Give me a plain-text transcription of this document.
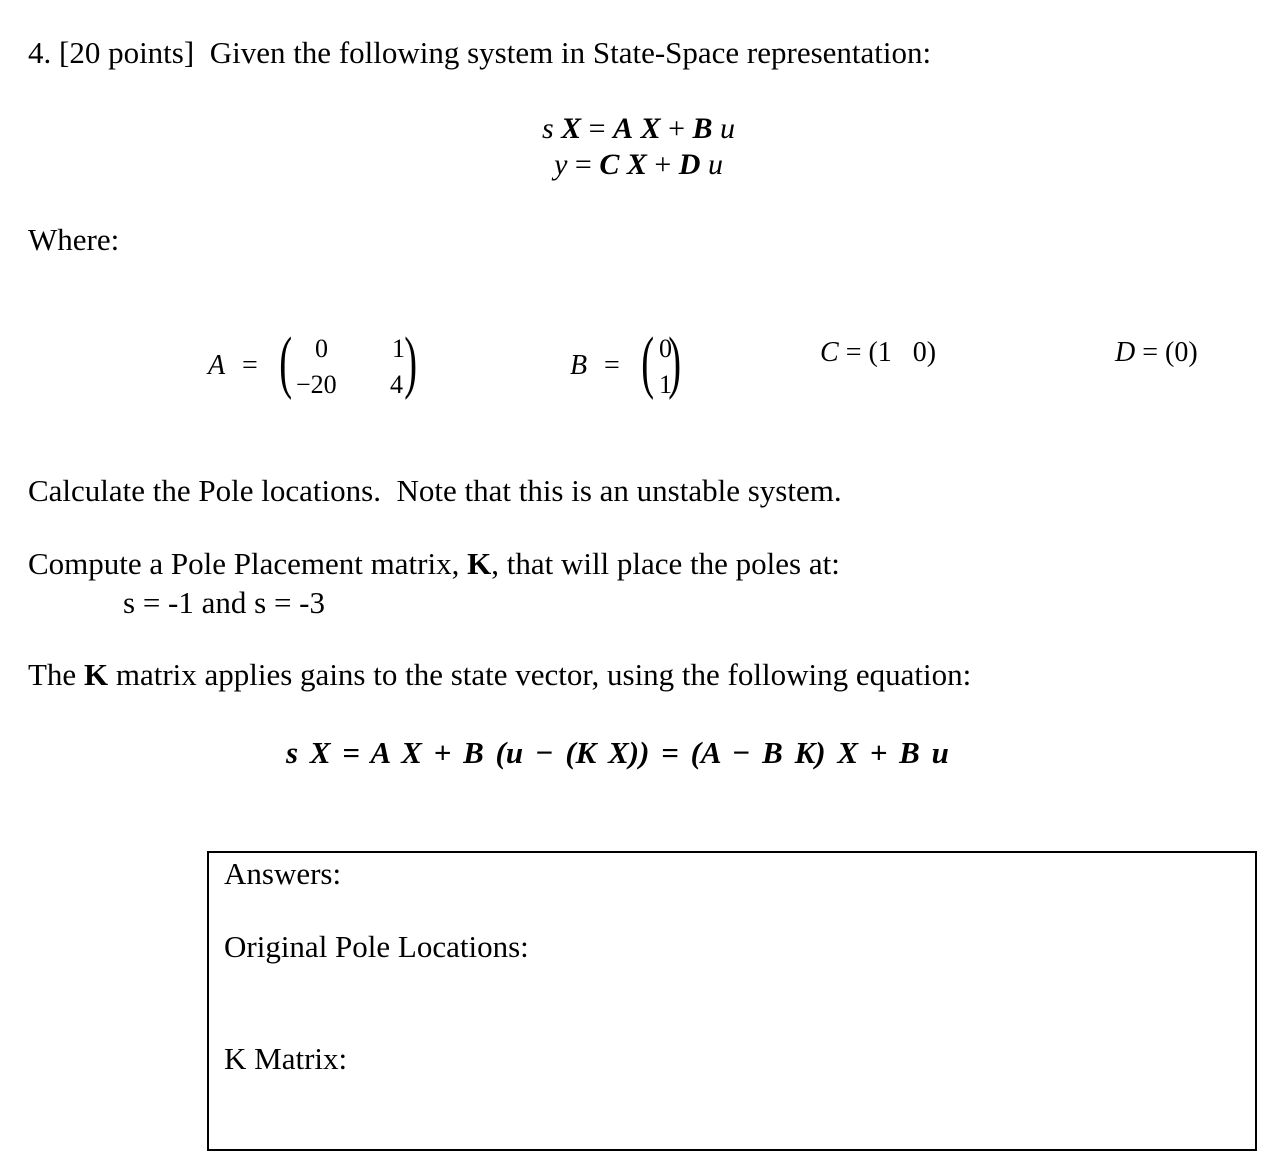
4. [20 points] Given the following system in State-Space representation:
s X = A X + B u
y = C X + D u
Where:
A = ( 0 1
−20 4 )	B = ( 0
1
)	C = (1   0)	D = (0)
Calculate the Pole locations.  Note that this is an unstable system.
Compute a Pole Placement matrix, K, that will place the poles at:
s = -1 and s = -3
The K matrix applies gains to the state vector, using the following equation:
s X = A X + B (u − (K X)) = (A − B K) X + B u
Answers:
Original Pole Locations:
K Matrix:
